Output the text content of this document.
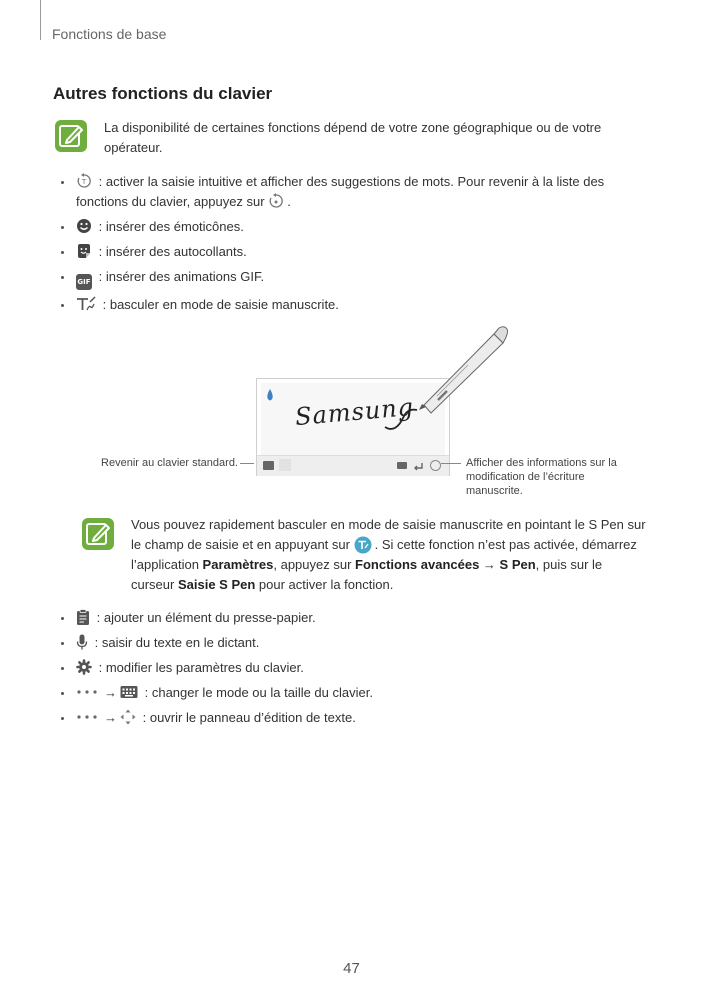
Fonctions de base
Autres fonctions du clavier
La disponibilité de certaines fonctions dépend de votre zone géographique ou de votre opérateur.
T : activer la saisie intuitive et afficher des suggestions de mots. Pour revenir à la liste des fonctions du clavier, appuyez sur
.
: insérer des émoticônes.
: insérer des autocollants.
GIF : insérer des animations GIF.
: basculer en mode de saisie manuscrite.
Samsung
Revenir au clavier standard.	Afficher des informations sur la modification de l’écriture manuscrite.
Vous pouvez rapidement basculer en mode de saisie manuscrite en pointant le S Pen sur le champ de saisie et en appuyant sur
. Si cette fonction n’est pas activée, démarrez l’application Paramètres, appuyez sur Fonctions avancées → S Pen, puis sur le curseur Saisie S Pen pour activer la fonction.
: ajouter un élément du presse-papier.
: saisir du texte en le dictant.
: modifier les paramètres du clavier.
→
: changer le mode ou la taille du clavier.
→
: ouvrir le panneau d’édition de texte.
47
